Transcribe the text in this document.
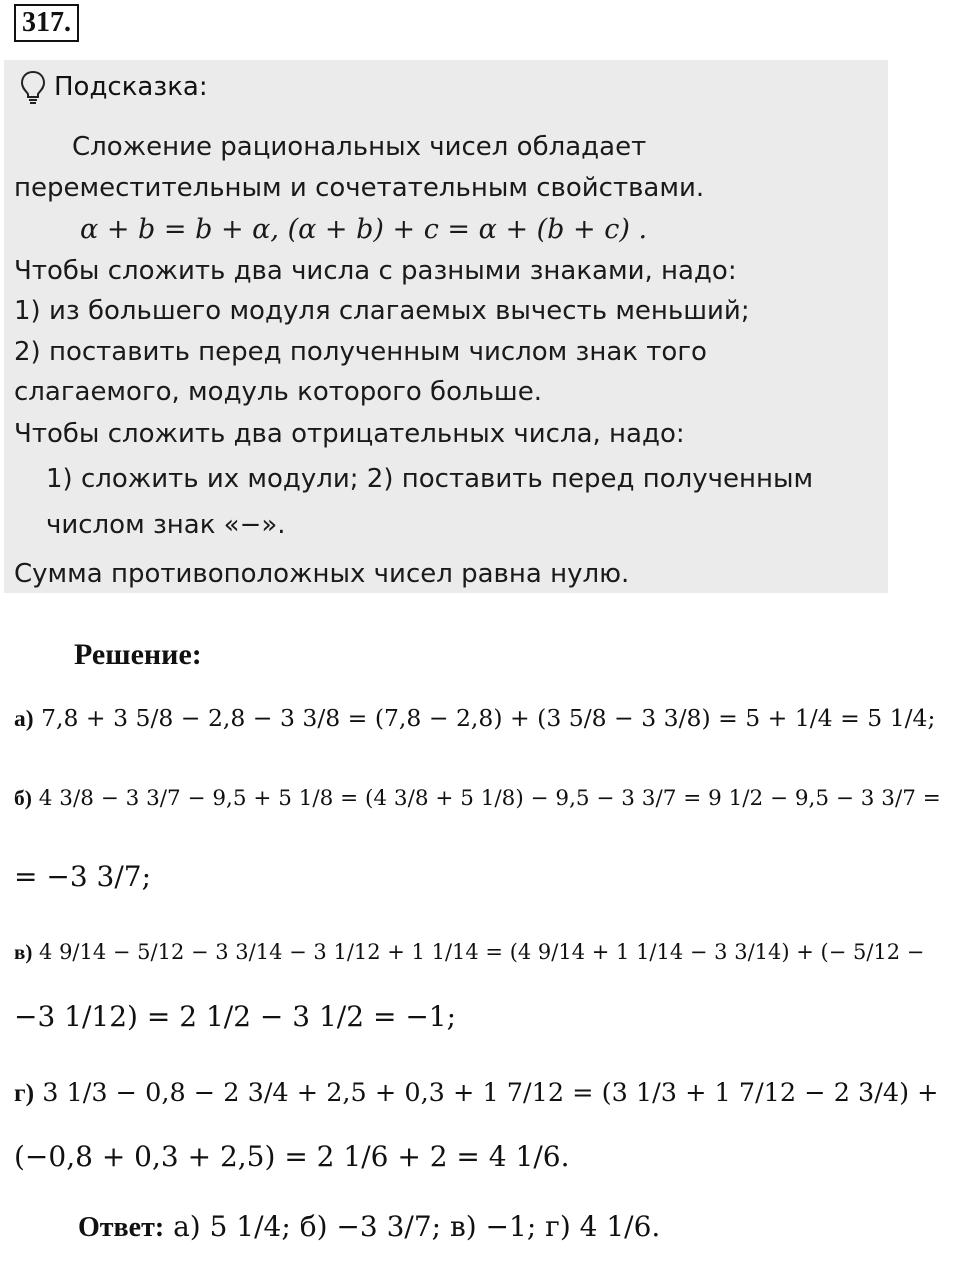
317.
Подсказка:
Сложение рациональных чисел обладает
переместительным и сочетательным свойствами.
α + b = b + α, (α + b) + c = α + (b + c) .
Чтобы сложить два числа с разными знаками, надо:
1) из большего модуля слагаемых вычесть меньший;
2) поставить перед полученным числом знак того
слагаемого, модуль которого больше.
Чтобы сложить два отрицательных числа, надо:
1) сложить их модули; 2) поставить перед полученным
числом знак «−».
Сумма противоположных чисел равна нулю.
Решение:
а) 7,8 + 3 5/8 − 2,8 − 3 3/8 = (7,8 − 2,8) + (3 5/8 − 3 3/8) = 5 + 1/4 = 5 1/4;
б) 4 3/8 − 3 3/7 − 9,5 + 5 1/8 = (4 3/8 + 5 1/8) − 9,5 − 3 3/7 = 9 1/2 − 9,5 − 3 3/7 =
= −3 3/7;
в) 4 9/14 − 5/12 − 3 3/14 − 3 1/12 + 1 1/14 = (4 9/14 + 1 1/14 − 3 3/14) + (− 5/12 −
−3 1/12) = 2 1/2 − 3 1/2 = −1;
г) 3 1/3 − 0,8 − 2 3/4 + 2,5 + 0,3 + 1 7/12 = (3 1/3 + 1 7/12 − 2 3/4) +
(−0,8 + 0,3 + 2,5) = 2 1/6 + 2 = 4 1/6.
Ответ: а) 5 1/4; б) −3 3/7; в) −1; г) 4 1/6.
